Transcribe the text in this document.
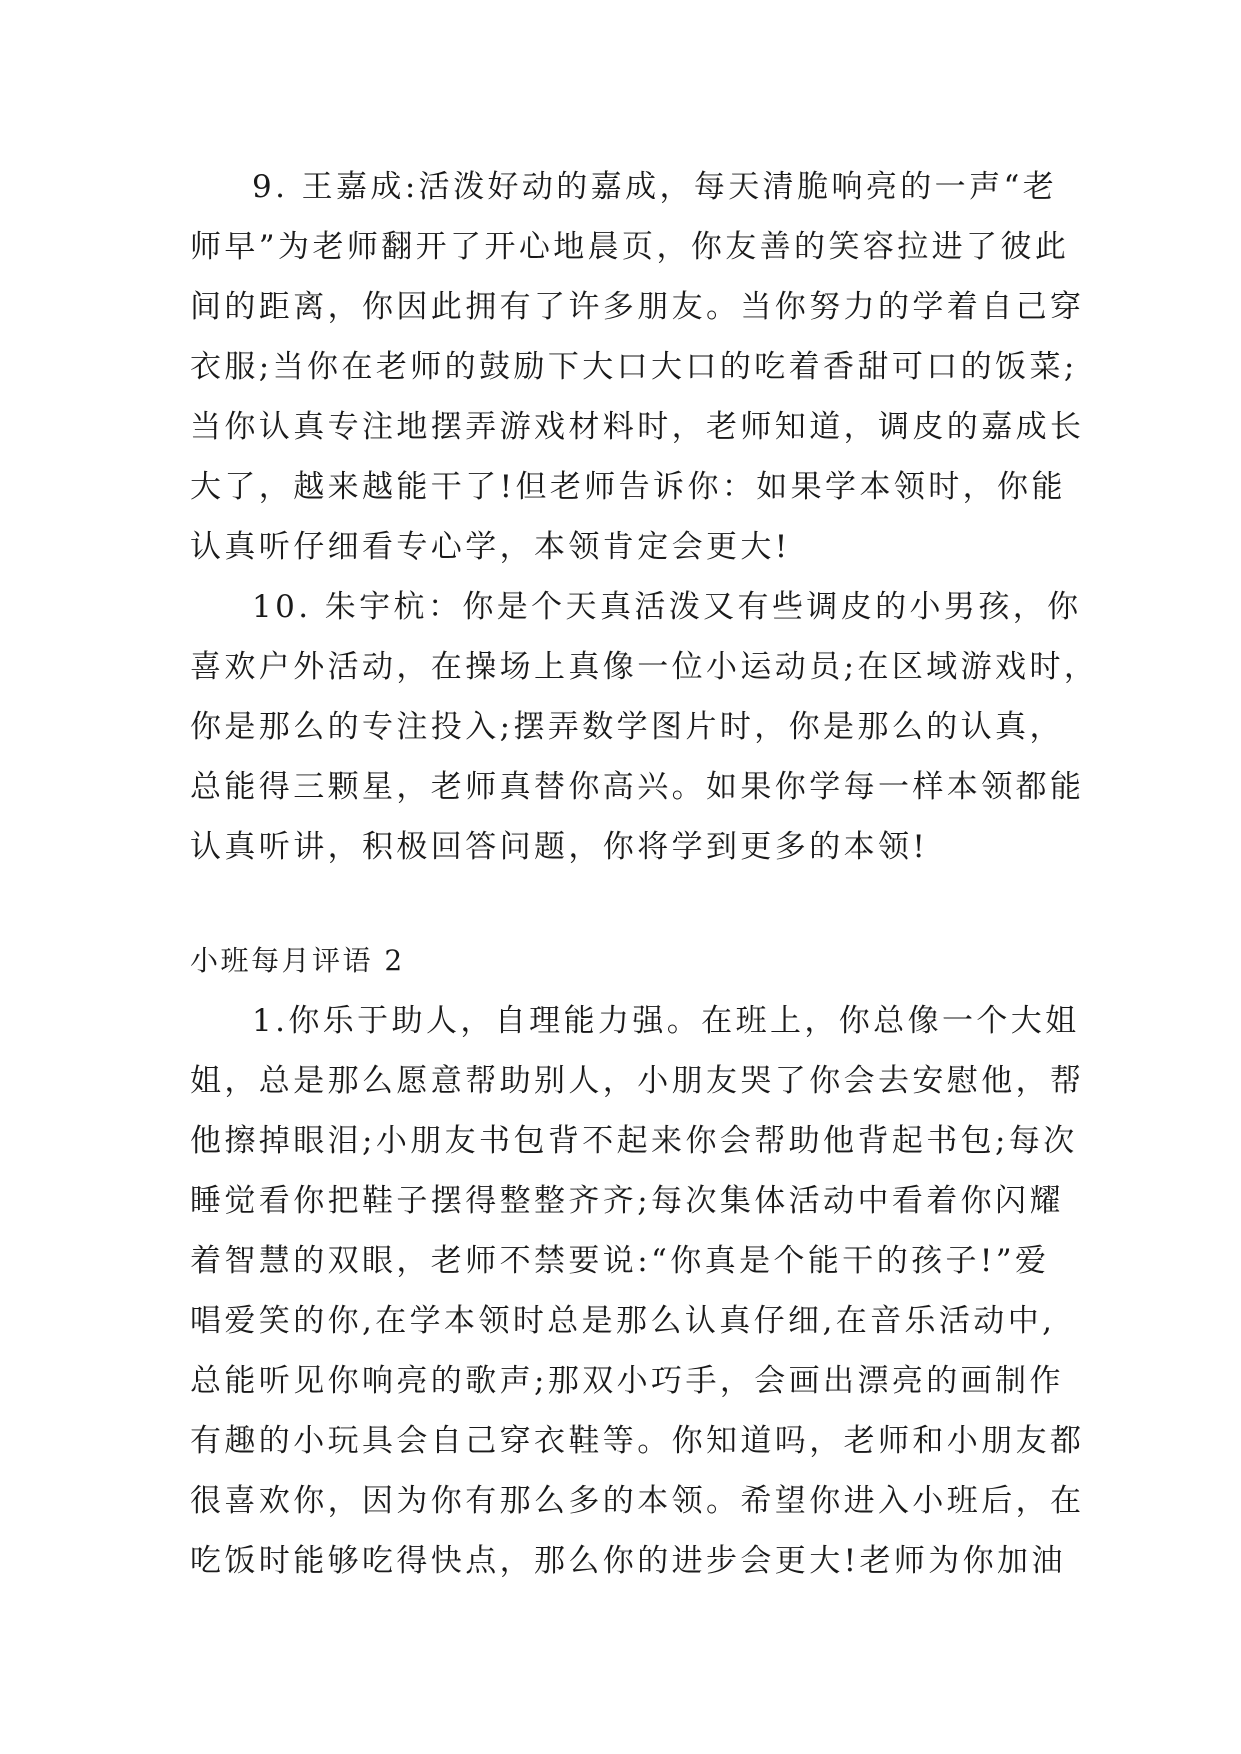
9. 王嘉成:活泼好动的嘉成，每天清脆响亮的一声“老
师早”为老师翻开了开心地晨页，你友善的笑容拉进了彼此
间的距离，你因此拥有了许多朋友。当你努力的学着自己穿
衣服;当你在老师的鼓励下大口大口的吃着香甜可口的饭菜;
当你认真专注地摆弄游戏材料时，老师知道，调皮的嘉成长
大了，越来越能干了!但老师告诉你：如果学本领时，你能
认真听仔细看专心学，本领肯定会更大!
10. 朱宇杭：你是个天真活泼又有些调皮的小男孩，你
喜欢户外活动，在操场上真像一位小运动员;在区域游戏时，
你是那么的专注投入;摆弄数学图片时，你是那么的认真，
总能得三颗星，老师真替你高兴。如果你学每一样本领都能
认真听讲，积极回答问题，你将学到更多的本领!
小班每月评语 2
1.你乐于助人，自理能力强。在班上，你总像一个大姐
姐，总是那么愿意帮助别人，小朋友哭了你会去安慰他，帮
他擦掉眼泪;小朋友书包背不起来你会帮助他背起书包;每次
睡觉看你把鞋子摆得整整齐齐;每次集体活动中看着你闪耀
着智慧的双眼，老师不禁要说:“你真是个能干的孩子!”爱
唱爱笑的你,在学本领时总是那么认真仔细,在音乐活动中,
总能听见你响亮的歌声;那双小巧手，会画出漂亮的画制作
有趣的小玩具会自己穿衣鞋等。你知道吗，老师和小朋友都
很喜欢你，因为你有那么多的本领。希望你进入小班后，在
吃饭时能够吃得快点，那么你的进步会更大!老师为你加油
